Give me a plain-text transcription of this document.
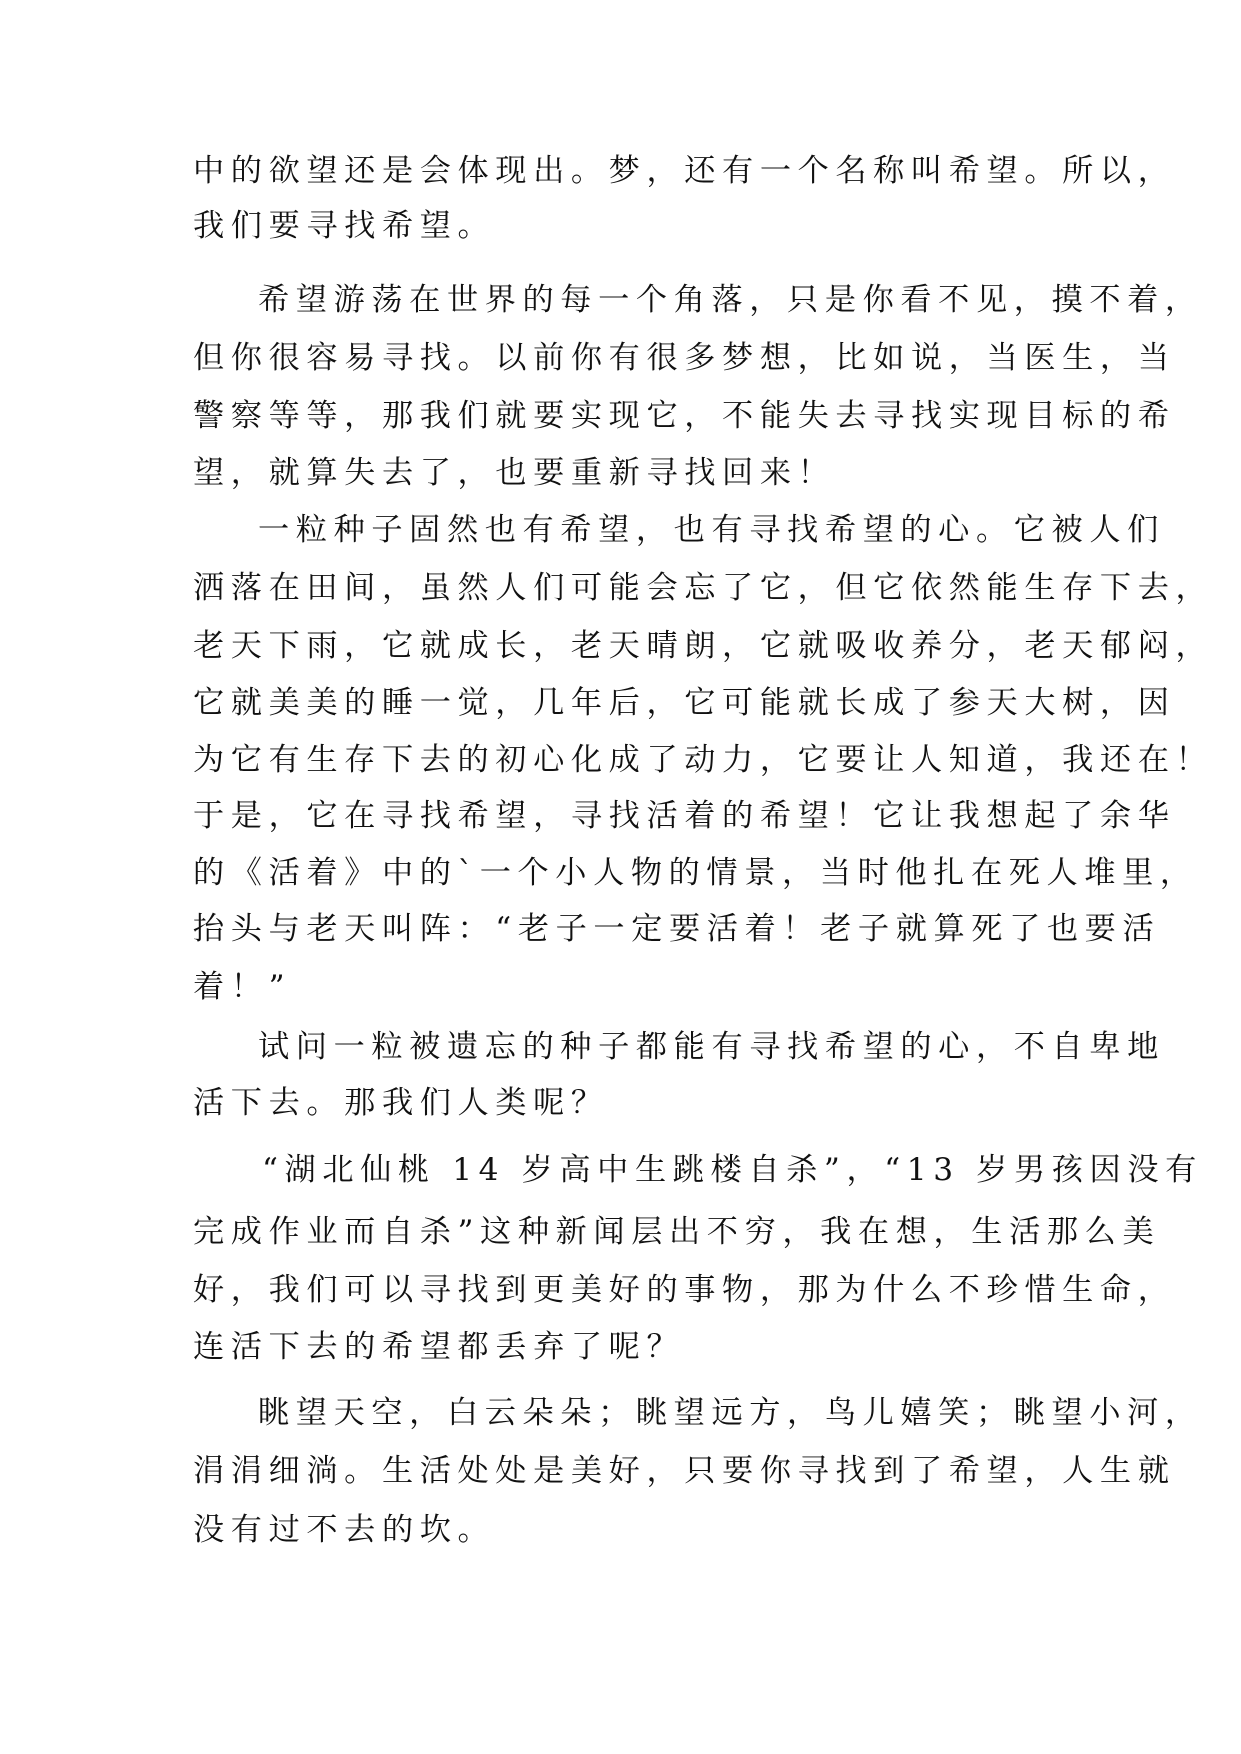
中的欲望还是会体现出。梦，还有一个名称叫希望。所以，
我们要寻找希望。
希望游荡在世界的每一个角落，只是你看不见，摸不着，
但你很容易寻找。以前你有很多梦想，比如说，当医生，当
警察等等，那我们就要实现它，不能失去寻找实现目标的希
望，就算失去了，也要重新寻找回来！
一粒种子固然也有希望，也有寻找希望的心。它被人们
洒落在田间，虽然人们可能会忘了它，但它依然能生存下去，
老天下雨，它就成长，老天晴朗，它就吸收养分，老天郁闷，
它就美美的睡一觉，几年后，它可能就长成了参天大树，因
为它有生存下去的初心化成了动力，它要让人知道，我还在！
于是，它在寻找希望，寻找活着的希望！它让我想起了余华
的《活着》中的`一个小人物的情景，当时他扎在死人堆里，
抬头与老天叫阵：“老子一定要活着！老子就算死了也要活
着！”
试问一粒被遗忘的种子都能有寻找希望的心，不自卑地
活下去。那我们人类呢？
“湖北仙桃 14 岁高中生跳楼自杀”，“13 岁男孩因没有
完成作业而自杀”这种新闻层出不穷，我在想，生活那么美
好，我们可以寻找到更美好的事物，那为什么不珍惜生命，
连活下去的希望都丢弃了呢？
眺望天空，白云朵朵；眺望远方，鸟儿嬉笑；眺望小河，
涓涓细淌。生活处处是美好，只要你寻找到了希望，人生就
没有过不去的坎。
